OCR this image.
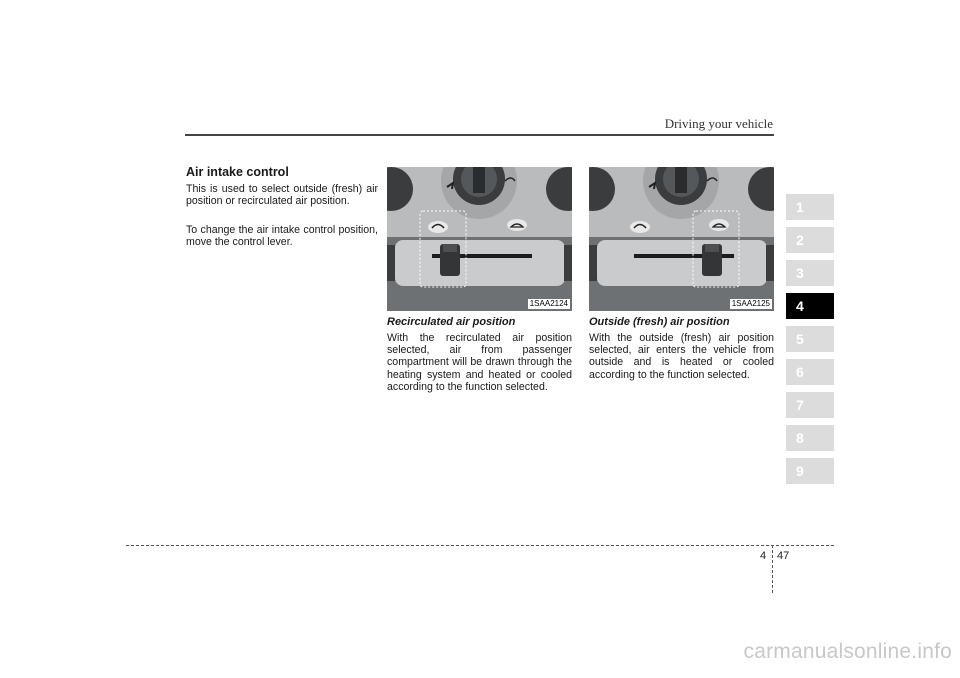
Driving your vehicle
Air intake control
This is used to select outside (fresh) air position or recirculated air position.
To change the air intake control position, move the control lever.
1SAA2124	1SAA2125
Recirculated air position
With the recirculated air position selected, air from passenger compartment will be drawn through the heating system and heated or cooled according to the function selected.
Outside (fresh) air position
With the outside (fresh) air position selected, air enters the vehicle from outside and is heated or cooled according to the function selected.
1
2
3
4
5
6
7
8
9
4 47
carmanualsonline.info
